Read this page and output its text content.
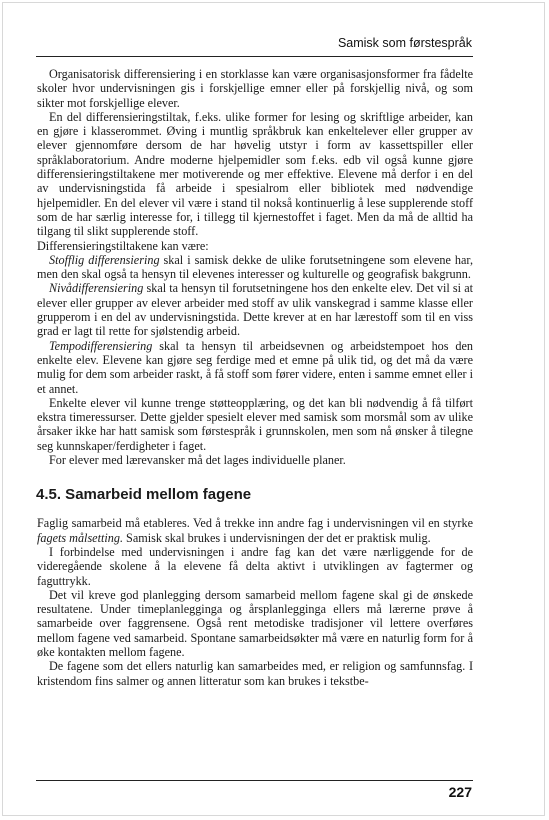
Samisk som førstespråk

Organisatorisk differensiering i en storklasse kan være organisasjonsformer fra fådelte skoler hvor undervisningen gis i forskjellige emner eller på forskjellig nivå, og som sikter mot forskjellige elever.

En del differensieringstiltak, f.eks. ulike former for lesing og skriftlige arbeider, kan en gjøre i klasserommet. Øving i muntlig språkbruk kan enkeltelever eller grupper av elever gjennomføre dersom de har høvelig utstyr i form av kassettspiller eller språklaboratorium. Andre moderne hjelpemidler som f.eks. edb vil også kunne gjøre differensieringstiltakene mer motiverende og mer effektive. Elevene må derfor i en del av undervisningstida få arbeide i spesialrom eller bibliotek med nødvendige hjelpemidler. En del elever vil være i stand til nokså kontinuerlig å lese supplerende stoff som de har særlig interesse for, i tillegg til kjernestoffet i faget. Men da må de alltid ha tilgang til slikt supplerende stoff.

Differensieringstiltakene kan være:

Stofflig differensiering skal i samisk dekke de ulike forutsetningene som elevene har, men den skal også ta hensyn til elevenes interesser og kulturelle og geografisk bakgrunn.

Nivådifferensiering skal ta hensyn til forutsetningene hos den enkelte elev. Det vil si at elever eller grupper av elever arbeider med stoff av ulik vanskegrad i samme klasse eller grupperom i en del av undervisningstida. Dette krever at en har lærestoff som til en viss grad er lagt til rette for sjølstendig arbeid.

Tempodifferensiering skal ta hensyn til arbeidsevnen og arbeidstempoet hos den enkelte elev. Elevene kan gjøre seg ferdige med et emne på ulik tid, og det må da være mulig for dem som arbeider raskt, å få stoff som fører videre, enten i samme emnet eller i et annet.

Enkelte elever vil kunne trenge støtteopplæring, og det kan bli nødvendig å få tilført ekstra timeressurser. Dette gjelder spesielt elever med samisk som morsmål som av ulike årsaker ikke har hatt samisk som førstespråk i grunnskolen, men som nå ønsker å tilegne seg kunnskaper/ferdigheter i faget.

For elever med lærevansker må det lages individuelle planer.

4.5. Samarbeid mellom fagene

Faglig samarbeid må etableres. Ved å trekke inn andre fag i undervisningen vil en styrke fagets målsetting. Samisk skal brukes i undervisningen der det er praktisk mulig.

I forbindelse med undervisningen i andre fag kan det være nærliggende for de videregående skolene å la elevene få delta aktivt i utviklingen av fagtermer og faguttrykk.

Det vil kreve god planlegging dersom samarbeid mellom fagene skal gi de ønskede resultatene. Under timeplanlegginga og årsplanleggingа ellers må lærerne prøve å samarbeide over faggrensene. Også rent metodiske tradisjoner vil lettere overføres mellom fagene ved samarbeid. Spontane samarbeidsøkter må være en naturlig form for å øke kontakten mellom fagene.

De fagene som det ellers naturlig kan samarbeides med, er religion og samfunnsfag. I kristendom fins salmer og annen litteratur som kan brukes i tekstbe-

227
